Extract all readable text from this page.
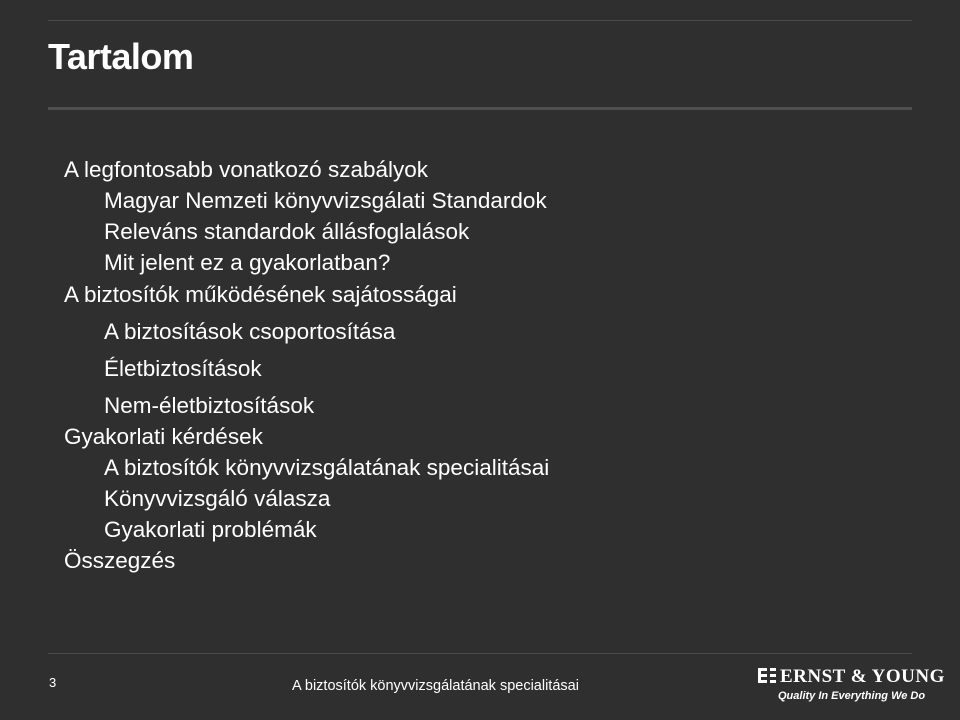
Tartalom
A legfontosabb vonatkozó szabályok
Magyar Nemzeti könyvvizsgálati Standardok
Releváns standardok állásfoglalások
Mit jelent ez a gyakorlatban?
A biztosítók működésének sajátosságai
A biztosítások csoportosítása
Életbiztosítások
Nem-életbiztosítások
Gyakorlati kérdések
A biztosítók könyvvizsgálatának specialitásai
Könyvvizsgáló válasza
Gyakorlati problémák
Összegzés
3	A biztosítók könyvvizsgálatának specialitásai	ERNST & YOUNG
Quality In Everything We Do
